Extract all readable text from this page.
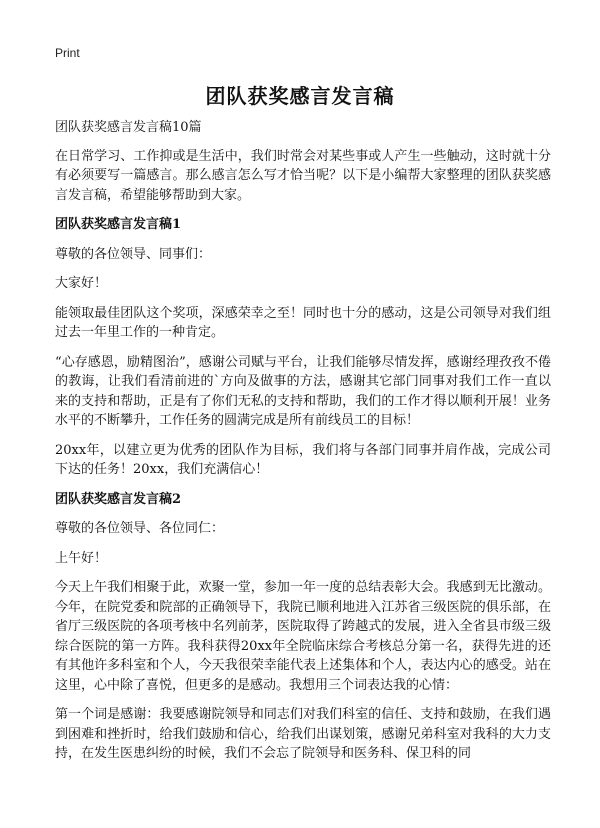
Print
团队获奖感言发言稿

团队获奖感言发言稿10篇

在日常学习、工作抑或是生活中，我们时常会对某些事或人产生一些触动，这时就十分有必须要写一篇感言。那么感言怎么写才恰当呢？以下是小编帮大家整理的团队获奖感言发言稿，希望能够帮助到大家。

团队获奖感言发言稿1

尊敬的各位领导、同事们：

大家好！

能领取最佳团队这个奖项，深感荣幸之至！同时也十分的感动，这是公司领导对我们组过去一年里工作的一种肯定。

“心存感恩，励精图治”，感谢公司赋与平台，让我们能够尽情发挥，感谢经理孜孜不倦的教诲，让我们看清前进的`方向及做事的方法，感谢其它部门同事对我们工作一直以来的支持和帮助，正是有了你们无私的支持和帮助，我们的工作才得以顺利开展！业务水平的不断攀升，工作任务的圆满完成是所有前线员工的目标！

20xx年，以建立更为优秀的团队作为目标，我们将与各部门同事并肩作战，完成公司下达的任务！20xx，我们充满信心！

团队获奖感言发言稿2

尊敬的各位领导、各位同仁：

上午好！

今天上午我们相聚于此，欢聚一堂，参加一年一度的总结表彰大会。我感到无比激动。今年，在院党委和院部的正确领导下，我院已顺利地进入江苏省三级医院的俱乐部，在省厅三级医院的各项考核中名列前茅，医院取得了跨越式的发展，进入全省县市级三级综合医院的第一方阵。我科获得20xx年全院临床综合考核总分第一名，获得先进的还有其他许多科室和个人，今天我很荣幸能代表上述集体和个人，表达内心的感受。站在这里，心中除了喜悦，但更多的是感动。我想用三个词表达我的心情：

第一个词是感谢：我要感谢院领导和同志们对我们科室的信任、支持和鼓励，在我们遇到困难和挫折时，给我们鼓励和信心，给我们出谋划策，感谢兄弟科室对我科的大力支持，在发生医患纠纷的时候，我们不会忘了院领导和医务科、保卫科的同
